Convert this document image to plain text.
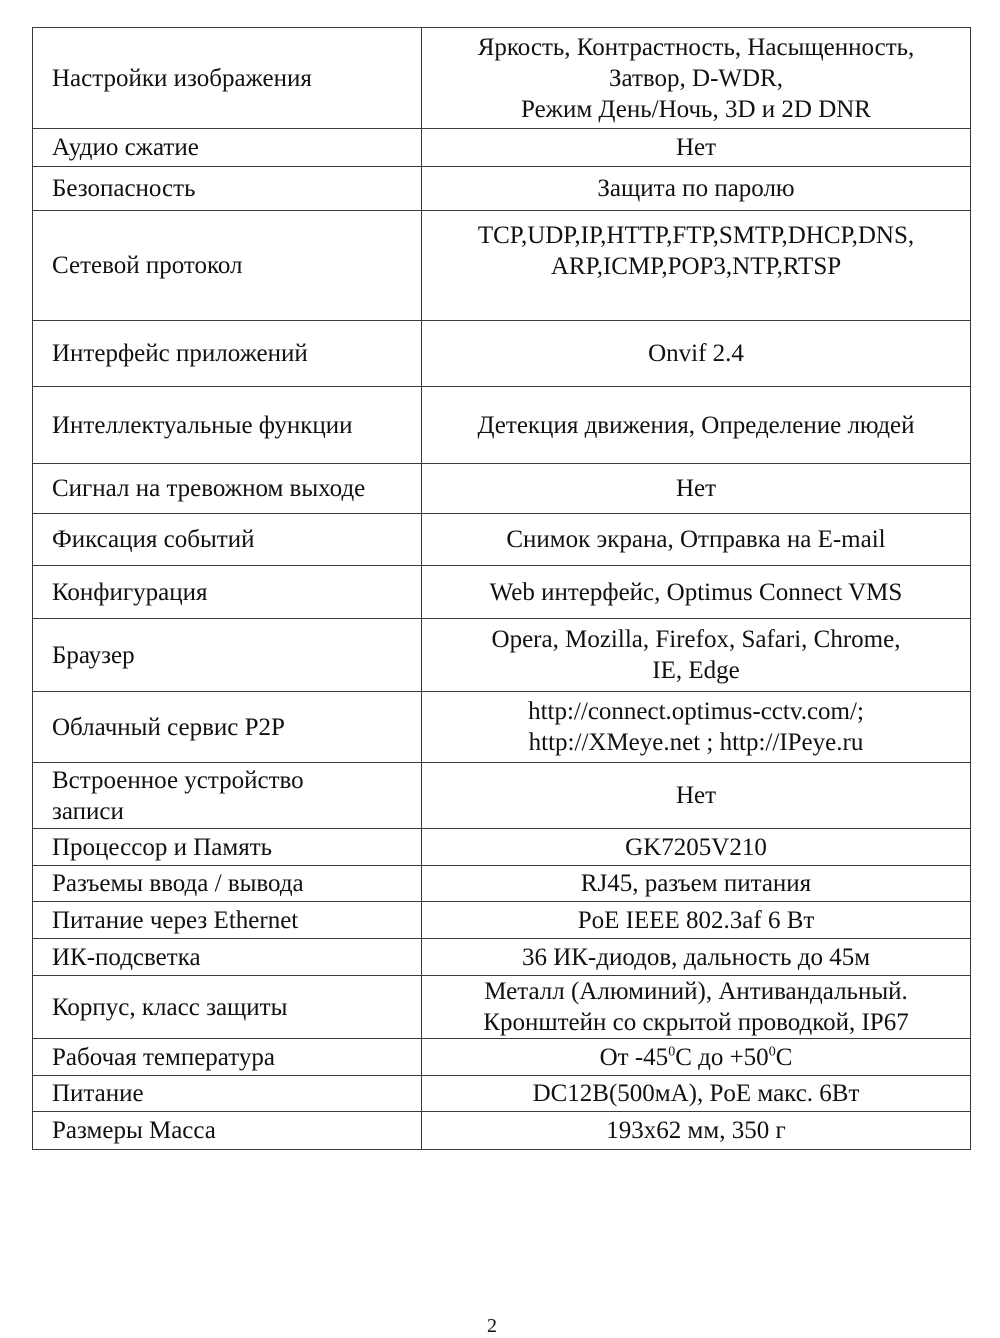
Настройки изображения	Яркость, Контрастность, Насыщенность,
Затвор, D-WDR,
Режим День/Ночь, 3D и 2D DNR
Аудио сжатие	Нет
Безопасность	Защита по паролю
Сетевой протокол	TCP,UDP,IP,HTTP,FTP,SMTP,DHCP,DNS,
ARP,ICMP,POP3,NTP,RTSP
Интерфейс приложений	Onvif 2.4
Интеллектуальные функции	Детекция движения, Определение людей
Сигнал на тревожном выходе	Нет
Фиксация событий	Снимок экрана, Отправка на E-mail
Конфигурация	Web интерфейс, Optimus Connect VMS
Браузер	Opera, Mozilla, Firefox, Safari, Chrome,
IE, Edge
Облачный сервис P2P	http://connect.optimus-cctv.com/;
http://XMeye.net ; http://IPeye.ru
Встроенное устройство
записи	Нет
Процессор и Память	GK7205V210
Разъемы ввода / вывода	RJ45, разъем питания
Питание через Ethernet	PoE IEEE 802.3af 6 Вт
ИК-подсветка	36 ИК-диодов, дальность до 45м
Корпус, класс защиты	Металл (Алюминий), Антивандальный.
Кронштейн со скрытой проводкой, IP67
Рабочая температура	От $-45^0С$ до $+50^0С$
Питание	DC12В(500мА), PoE макс. 6Вт
Размеры Масса	193x62 мм, 350 г
2
